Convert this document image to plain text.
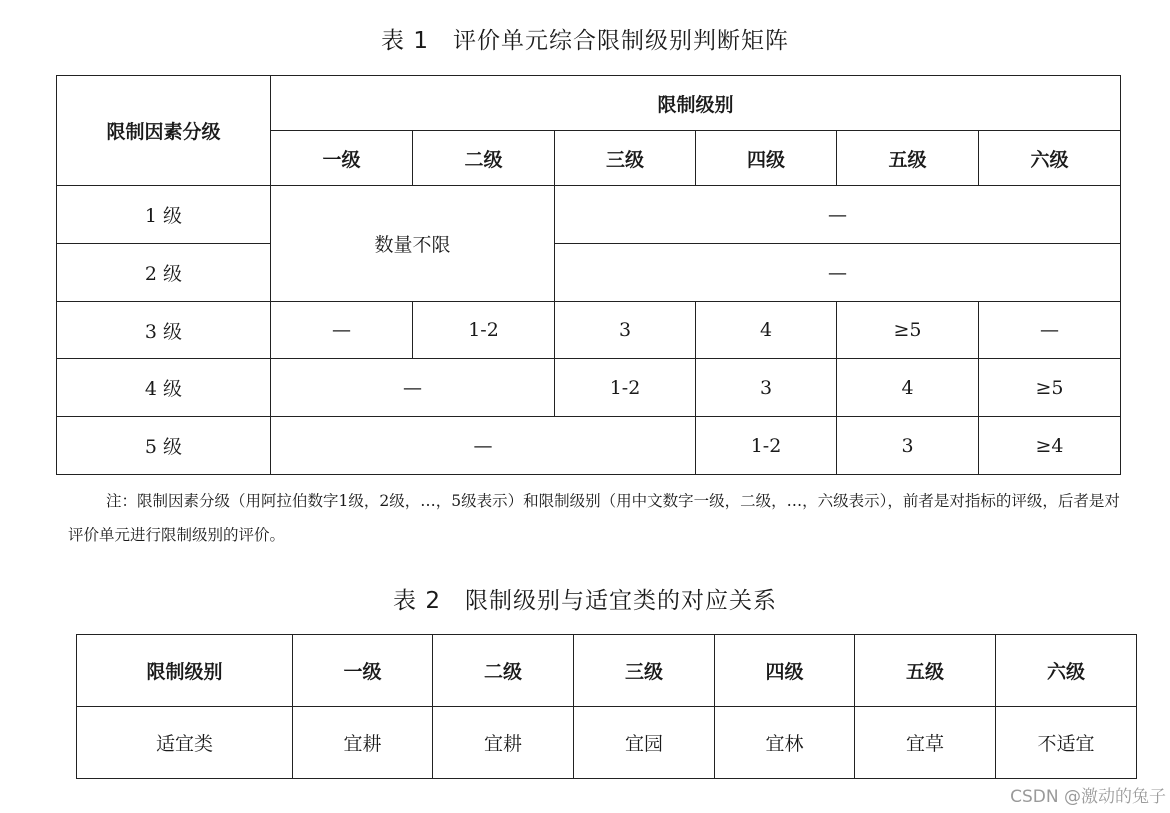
表 1　评价单元综合限制级别判断矩阵
限制因素分级	限制级别					
	一级	二级	三级	四级	五级	六级
1 级	数量不限		—			
2 级			—			
3 级	—	1-2	3	4	≥5	—
4 级	—		1-2	3	4	≥5
5 级	—			1-2	3	≥4
注：限制因素分级（用阿拉伯数字1级，2级，…，5级表示）和限制级别（用中文数字一级，二级，…，六级表示），前者是对指标的评级，后者是对评价单元进行限制级别的评价。
表 2　限制级别与适宜类的对应关系
限制级别	一级	二级	三级	四级	五级	六级
适宜类	宜耕	宜耕	宜园	宜林	宜草	不适宜
CSDN @激动的兔子
